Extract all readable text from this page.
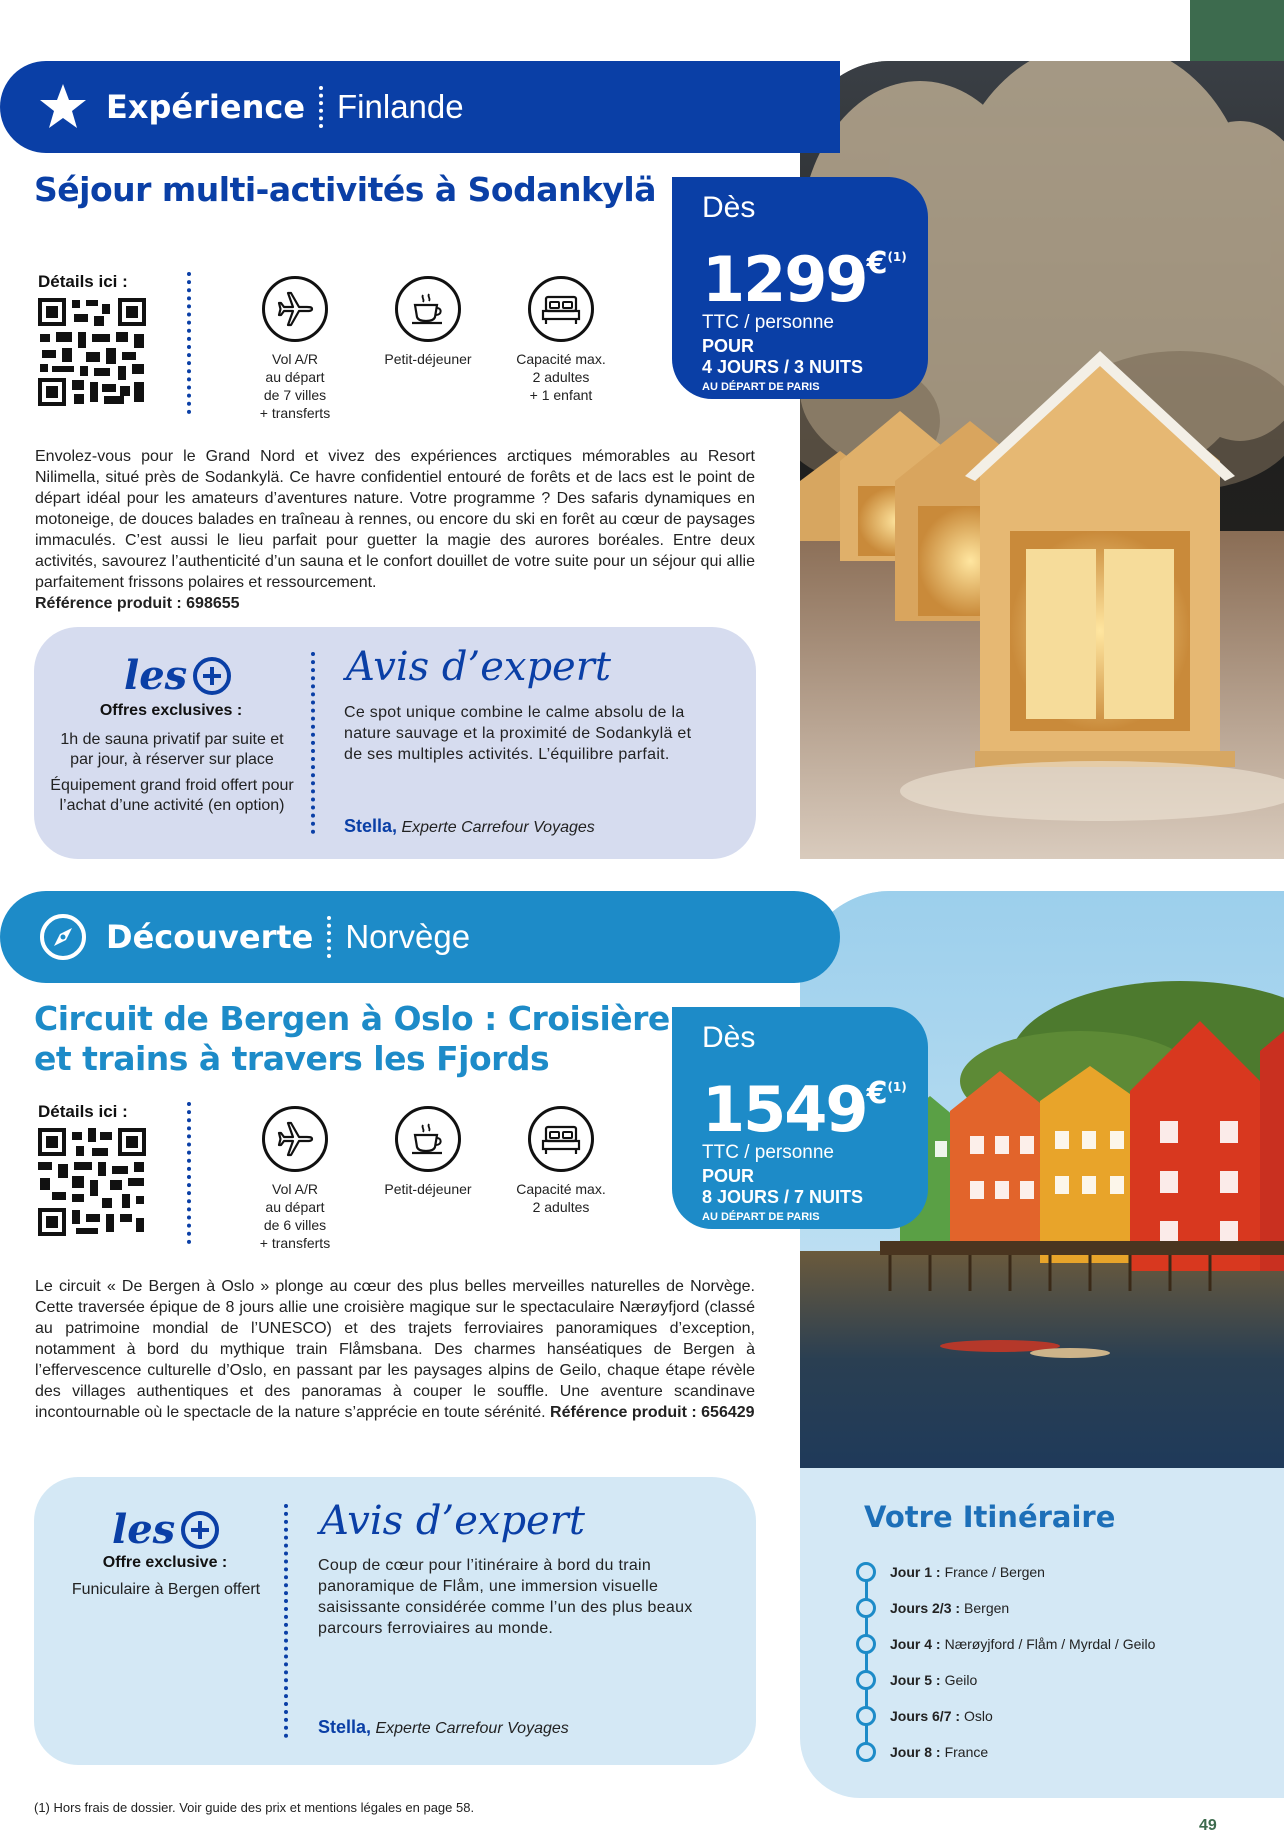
Expérience Finlande
Séjour multi-activités à Sodankylä	Dès
$1299^{€(1)}$
TTC / personne
POUR
4 JOURS / 3 NUITS
AU DÉPART DE PARIS
LE 20 MARS 2027
Avec transport
Détails ici :
Vol A/R
au départ
de 7 villes
+ transferts
Petit-déjeuner	Capacité max.
2 adultes
+ 1 enfant
Envolez-vous pour le Grand Nord et vivez des expériences arctiques mémorables au Resort Nilimella, situé près de Sodankylä. Ce havre confidentiel entouré de forêts et de lacs est le point de départ idéal pour les amateurs d’aventures nature. Votre programme ? Des safaris dynamiques en motoneige, de douces balades en traîneau à rennes, ou encore du ski en forêt au cœur de paysages immaculés. C’est aussi le lieu parfait pour guetter la magie des aurores boréales. Entre deux activités, savourez l’authenticité d’un sauna et le confort douillet de votre suite pour un séjour qui allie parfaitement frissons polaires et ressourcement.
Référence produit : 698655
les
Offres exclusives :
1h de sauna privatif par suite et par jour, à réserver sur place
Équipement grand froid offert pour l’achat d’une activité (en option)
Avis d’expert
Ce spot unique combine le calme absolu de la nature sauvage et la proximité de Sodankylä et de ses multiples activités. L’équilibre parfait.
Stella, Experte Carrefour Voyages
Découverte Norvège
Circuit de Bergen à Oslo : Croisière
et trains à travers les Fjords
Dès
$1549^{€(1)}$
TTC / personne
POUR
8 JOURS / 7 NUITS
AU DÉPART DE PARIS
LE 05 MARS 2027
Avec transport
Détails ici :
Vol A/R
au départ
de 6 villes
+ transferts
Petit-déjeuner	Capacité max.
2 adultes
Le circuit « De Bergen à Oslo » plonge au cœur des plus belles merveilles naturelles de Norvège. Cette traversée épique de 8 jours allie une croisière magique sur le spectaculaire Nærøyfjord (classé au patrimoine mondial de l’UNESCO) et des trajets ferroviaires panoramiques d’exception, notamment à bord du mythique train Flåmsbana. Des charmes hanséatiques de Bergen à l’effervescence culturelle d’Oslo, en passant par les paysages alpins de Geilo, chaque étape révèle des villages authentiques et des panoramas à couper le souffle. Une aventure scandinave incontournable où le spectacle de la nature s’apprécie en toute sérénité. Référence produit : 656429
les
Offre exclusive :
Funiculaire à Bergen offert
Avis d’expert
Coup de cœur pour l’itinéraire à bord du train panoramique de Flåm, une immersion visuelle saisissante considérée comme l’un des plus beaux parcours ferroviaires au monde.
Stella, Experte Carrefour Voyages
Votre Itinéraire
Jour 1 : France / Bergen
Jours 2/3 : Bergen
Jour 4 : Nærøyjford / Flåm / Myrdal / Geilo
Jour 5 : Geilo
Jours 6/7 : Oslo
Jour 8 : France
(1) Hors frais de dossier. Voir guide des prix et mentions légales en page 58.
49
